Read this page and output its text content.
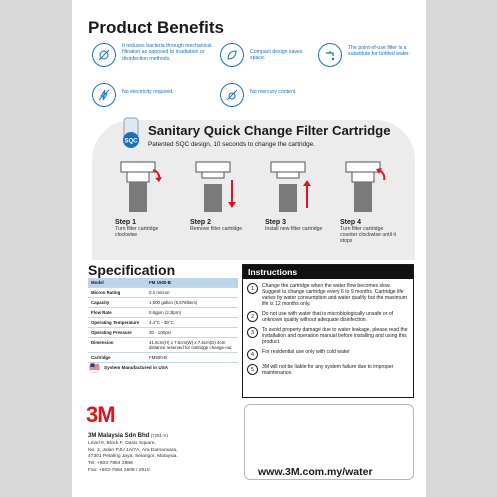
Product Benefits
It reduces bacteria through mechanical filtration as opposed to irradiation or disinfection methods.
Compact design saves space.
The point-of-use filter is a substitute for bottled water.
No electricity required.	No mercury content.
SQC
Sanitary Quick Change Filter Cartridge
Patented SQC design, 10 seconds to change the cartridge.
Step 1
Turn filter cartridge clockwise
Step 2
Remove filter cartridge
Step 3
Install new filter cartridge
Step 4
Turn filter cartridge counter clockwise until it stops
Specification
Model	FM 1500-B
Micron Rating	0.2 micron
Capacity	1,500 gallon (5,678liters)
Flow Rate	0.6gpm (2.3lpm)
Operating Temperature	4.4°C - 38°C
Operating Pressure	30 - 100psi
Dimension	41.6cm(H) x 7.6cm(W) x 7.6cm(D) 4cm distance reserved for cartridge change-out
Cartridge	FM500-B
System Manufactured in USA
Instructions
1	Change the cartridge when the water flow becomes slow. Suggest to change cartridge every 6 to 9 months. Cartridge life varies by water consumption and water quality but the maximum life is 12 months only.
2	Do not use with water that is microbiologically unsafe or of unknown quality without adequate disinfection.
3	To avoid property damage due to water leakage, please read the installation and operation manual before installing and using this product.
4	For residential use only with cold water
5	3M will not be liable for any system failure due to improper maintenance.
3M
3M Malaysia Sdn Bhd (7251-V)
Level 8, Block F, Oasis Square,
No. 2, Jalan PJU 1A/7A, Ara Damansara,
47301 Petaling Jaya, Selangor, Malaysia.
Tel: +603-7884 2888
Fax: +603-7884 2905 / 2910	www.3M.com.my/water
